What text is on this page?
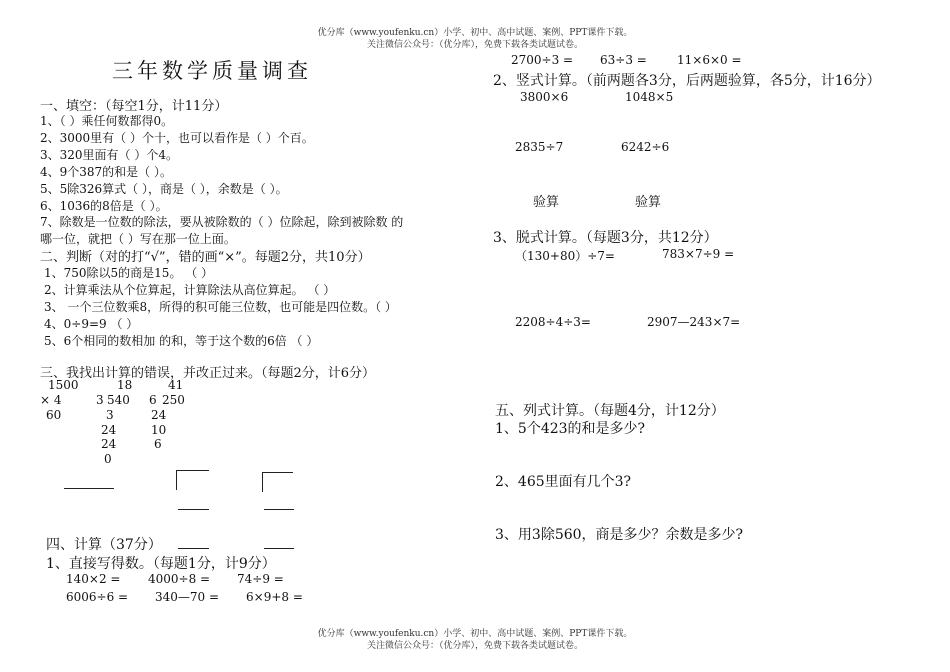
优分库（www.youfenku.cn）小学、初中、高中试题、案例、PPT课件下载。
关注微信公众号：（优分库），免费下载各类试题试卷。
三年数学质量调查
一、填空：（每空1分，计11分）
1、（ ）乘任何数都得0。
2、3000里有（ ）个十，也可以看作是（ ）个百。
3、320里面有（ ）个4。
4、9个387的和是（ ）。
5、5除326算式（ ），商是（ ），余数是（ ）。
6、1036的8倍是（ ）。
7、除数是一位数的除法，要从被除数的（ ）位除起，除到被除数 的
哪一位，就把（ ）写在那一位上面。
二、判断（对的打“√”，错的画“×”。每题2分，共10分）
1、750除以5的商是15。 （ ）
2、计算乘法从个位算起，计算除法从高位算起。 （ ）
3、 一个三位数乘8，所得的积可能三位数，也可能是四位数。（ ）
4、0÷9=9 （ ）
5、6个相同的数相加 的和，等于这个数的6倍 （ ）
三、我找出计算的错误，并改正过来。（每题2分，计6分）
1500
× 4
60
18
3 540
3
24
24
0
41
6 250
24
10
6
四、计算（37分）
1、直接写得数。（每题1分，计9分）
140×2 = 4000÷8 = 74÷9 =
6006÷6 = 340—70 = 6×9+8 =
2700÷3 = 63÷3 =	11×6×0 =
2、竖式计算。（前两题各3分，后两题验算，各5分，计16分）
3800×6	1048×5
2835÷7	6242÷6
验算	验算
3、脱式计算。（每题3分，共12分）
（130+80）÷7=	783×7÷9 =
2208÷4÷3=	2907—243×7=
五、列式计算。（每题4分，计12分）
1、5个423的和是多少?
2、465里面有几个3?
3、用3除560，商是多少？余数是多少?
优分库（www.youfenku.cn）小学、初中、高中试题、案例、PPT课件下载。
关注微信公众号：（优分库），免费下载各类试题试卷。
